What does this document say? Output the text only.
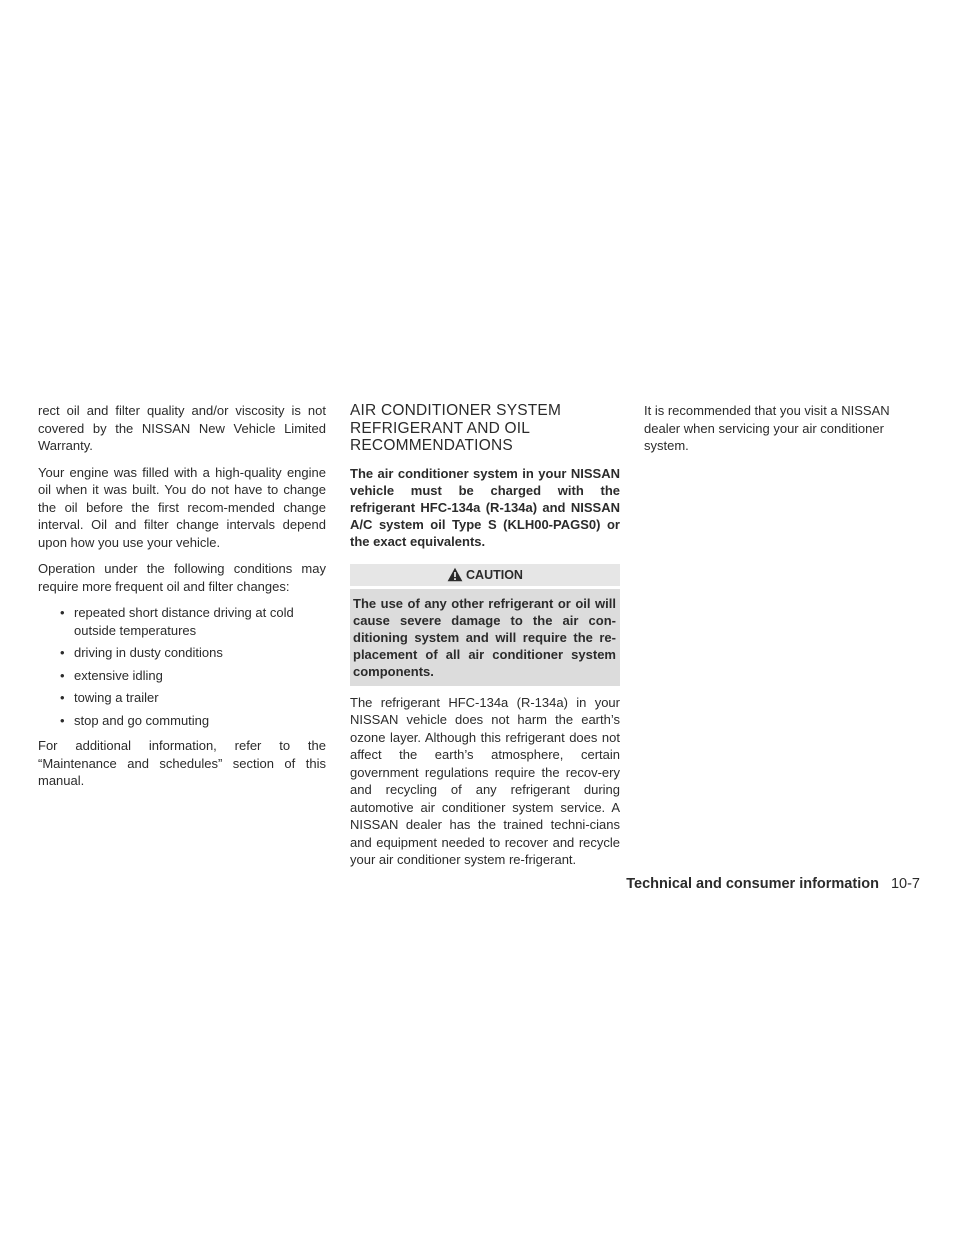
rect oil and filter quality and/or viscosity is not covered by the NISSAN New Vehicle Limited Warranty.

Your engine was filled with a high-quality engine oil when it was built. You do not have to change the oil before the first recom-mended change interval. Oil and filter change intervals depend upon how you use your vehicle.

Operation under the following conditions may require more frequent oil and filter changes:

• repeated short distance driving at cold outside temperatures
• driving in dusty conditions
• extensive idling
• towing a trailer
• stop and go commuting

For additional information, refer to the “Maintenance and schedules” section of this manual.

AIR CONDITIONER SYSTEM REFRIGERANT AND OIL RECOMMENDATIONS

The air conditioner system in your NISSAN vehicle must be charged with the refrigerant HFC-134a (R-134a) and NISSAN A/C system oil Type S (KLH00-PAGS0) or the exact equivalents.

CAUTION
The use of any other refrigerant or oil will cause severe damage to the air con-ditioning system and will require the re-placement of all air conditioner system components.

The refrigerant HFC-134a (R-134a) in your NISSAN vehicle does not harm the earth’s ozone layer. Although this refrigerant does not affect the earth’s atmosphere, certain government regulations require the recov-ery and recycling of any refrigerant during automotive air conditioner system service. A NISSAN dealer has the trained techni-cians and equipment needed to recover and recycle your air conditioner system re-frigerant.

It is recommended that you visit a NISSAN dealer when servicing your air conditioner system.

Technical and consumer information 10-7
